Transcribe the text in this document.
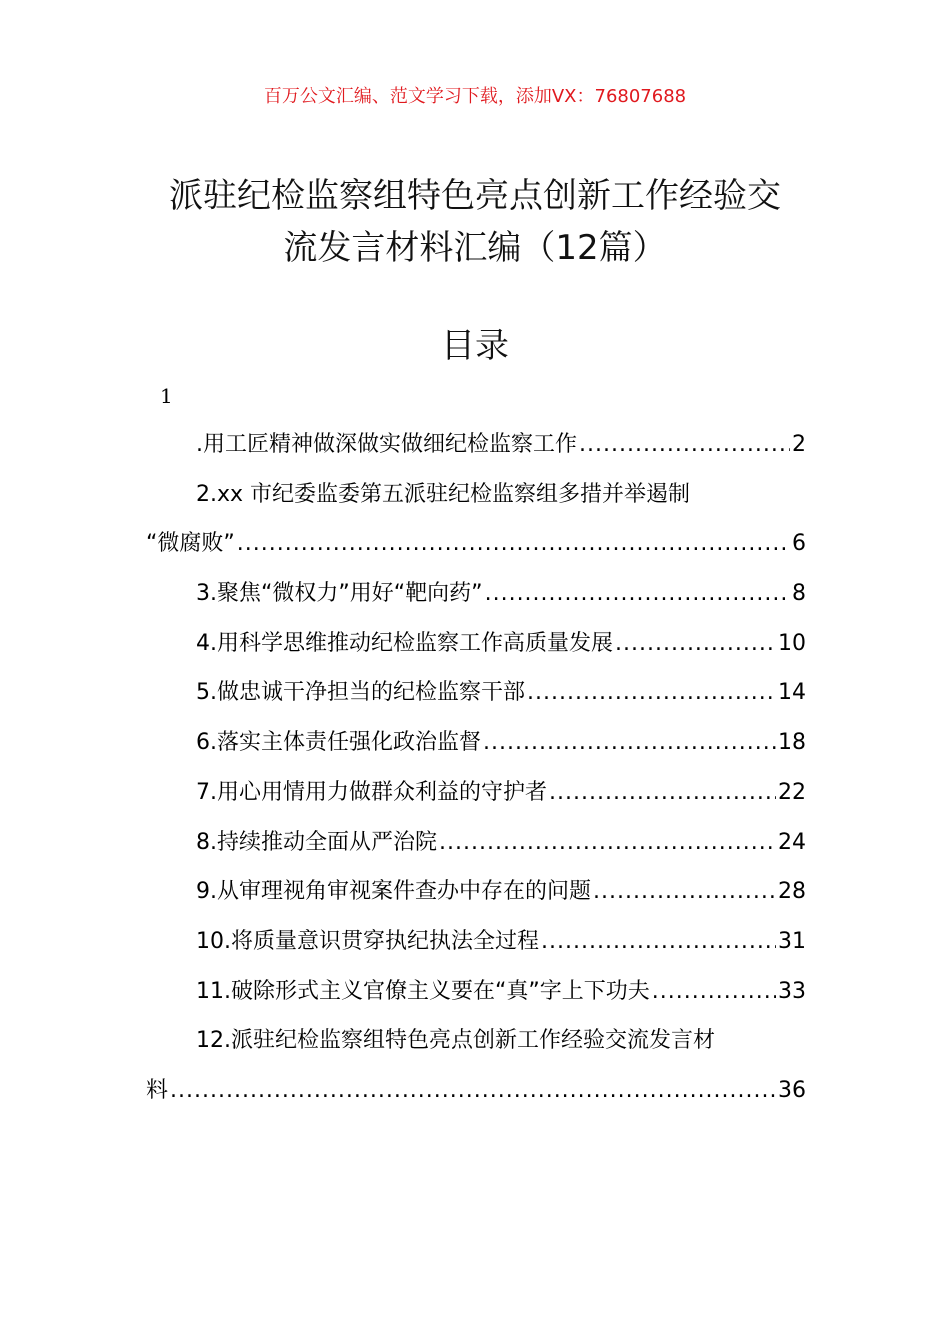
百万公文汇编、范文学习下载，添加VX：76807688
派驻纪检监察组特色亮点创新工作经验交
流发言材料汇编（12篇）
目录
1
.用工匠精神做深做实做细纪检监察工作 .....	2
2.xx 市纪委监委第五派驻纪检监察组多措并举遏制
“微腐败” .....	6
3.聚焦“微权力”用好“靶向药” .....	8
4.用科学思维推动纪检监察工作高质量发展 .....	10
5.做忠诚干净担当的纪检监察干部 .....	14
6.落实主体责任强化政治监督 .....	18
7.用心用情用力做群众利益的守护者 .....	22
8.持续推动全面从严治院 .....	24
9.从审理视角审视案件查办中存在的问题 .....	28
10.将质量意识贯穿执纪执法全过程 .....	31
11.破除形式主义官僚主义要在“真”字上下功夫 .....	33
12.派驻纪检监察组特色亮点创新工作经验交流发言材
料 .....	36
